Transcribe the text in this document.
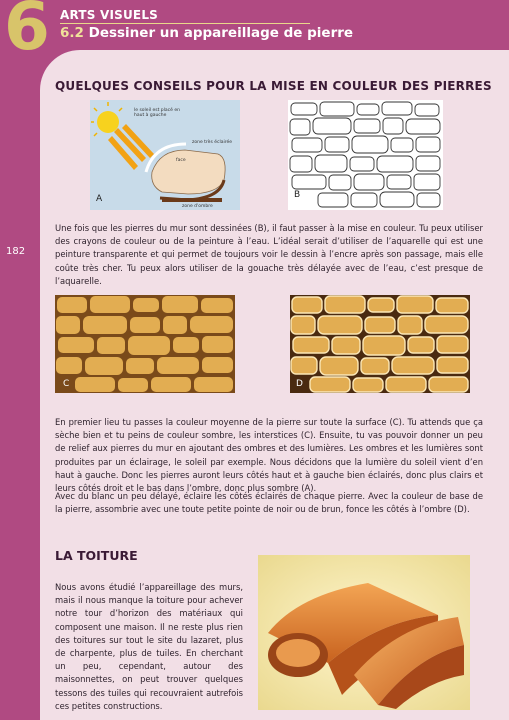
6 ARTS VISUELS
6.2 Dessiner un appareillage de pierre
182
QUELQUES CONSEILS POUR LA MISE EN COULEUR DES PIERRES
le soleil est placé en haut à gauche
zone très éclairée
face
zone d'ombre
A	B
Une fois que les pierres du mur sont dessinées (B), il faut passer à la mise en couleur. Tu peux utiliser des crayons de couleur ou de la peinture à l’eau. L’idéal serait d’utiliser de l’aquarelle qui est une peinture transparente et qui permet de toujours voir le dessin à l’encre après son passage, mais elle coûte très cher. Tu peux alors utiliser de la gouache très délayée avec de l’eau, c’est presque de l’aquarelle.
C	D
En premier lieu tu passes la couleur moyenne de la pierre sur toute la surface (C). Tu attends que ça sèche bien et tu peins de couleur sombre, les interstices (C). Ensuite, tu vas pouvoir donner un peu de relief aux pierres du mur en ajoutant des ombres et des lumières. Les ombres et les lumières sont produites par un éclairage, le soleil par exemple. Nous décidons que la lumière du soleil vient d’en haut à gauche. Donc les pierres auront leurs côtés haut et à gauche bien éclairés, donc plus clairs et leurs côtés droit et le bas dans l’ombre, donc plus sombre (A).
Avec du blanc un peu délayé, éclaire les côtés éclairés de chaque pierre. Avec la couleur de base de la pierre, assombrie avec une toute petite pointe de noir ou de brun, fonce les côtés à l’ombre (D).
LA TOITURE
Nous avons étudié l’appareillage des murs, mais il nous manque la toiture pour achever notre tour d’horizon des matériaux qui composent une maison. Il ne reste plus rien des toitures sur tout le site du lazaret, plus de charpente, plus de tuiles. En cherchant un peu, cependant, autour des maisonnettes, on peut trouver quelques tessons des tuiles qui recouvraient autrefois ces petites constructions.
